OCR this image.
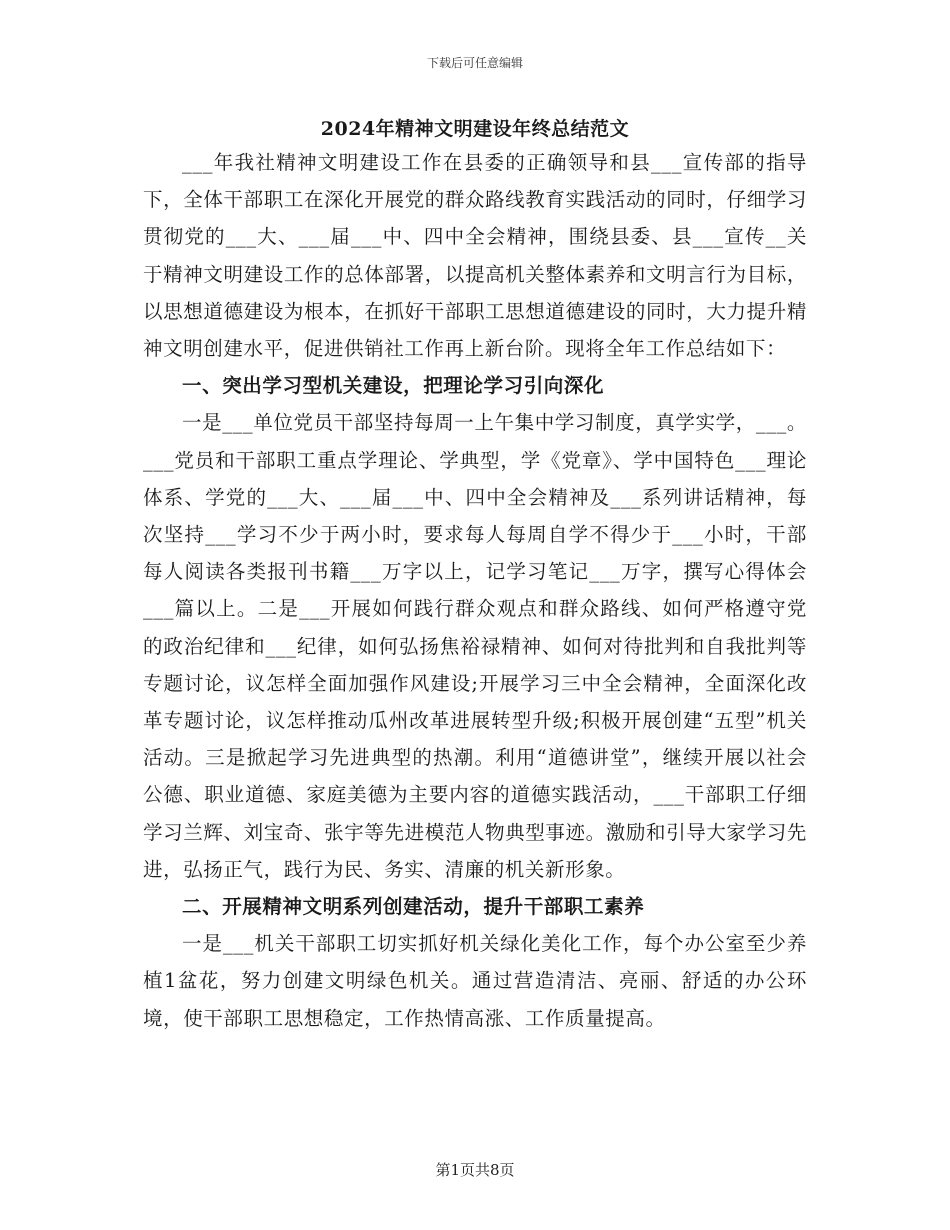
下载后可任意编辑
2024年精神文明建设年终总结范文

___年我社精神文明建设工作在县委的正确领导和县___宣传部的指导下，全体干部职工在深化开展党的群众路线教育实践活动的同时，仔细学习贯彻党的___大、___届___中、四中全会精神，围绕县委、县___宣传__关于精神文明建设工作的总体部署，以提高机关整体素养和文明言行为目标，以思想道德建设为根本，在抓好干部职工思想道德建设的同时，大力提升精神文明创建水平，促进供销社工作再上新台阶。现将全年工作总结如下：

一、突出学习型机关建设，把理论学习引向深化

一是___单位党员干部坚持每周一上午集中学习制度，真学实学，___。___党员和干部职工重点学理论、学典型，学《党章》、学中国特色___理论体系、学党的___大、___届___中、四中全会精神及___系列讲话精神，每次坚持___学习不少于两小时，要求每人每周自学不得少于___小时，干部每人阅读各类报刊书籍___万字以上，记学习笔记___万字，撰写心得体会___篇以上。二是___开展如何践行群众观点和群众路线、如何严格遵守党的政治纪律和___纪律，如何弘扬焦裕禄精神、如何对待批判和自我批判等专题讨论，议怎样全面加强作风建设;开展学习三中全会精神，全面深化改革专题讨论，议怎样推动瓜州改革进展转型升级;积极开展创建“五型”机关活动。三是掀起学习先进典型的热潮。利用“道德讲堂”，继续开展以社会公德、职业道德、家庭美德为主要内容的道德实践活动，___干部职工仔细学习兰辉、刘宝奇、张宇等先进模范人物典型事迹。激励和引导大家学习先进，弘扬正气，践行为民、务实、清廉的机关新形象。

二、开展精神文明系列创建活动，提升干部职工素养

一是___机关干部职工切实抓好机关绿化美化工作，每个办公室至少养植1盆花，努力创建文明绿色机关。通过营造清洁、亮丽、舒适的办公环境，使干部职工思想稳定，工作热情高涨、工作质量提高。

第1页共8页
